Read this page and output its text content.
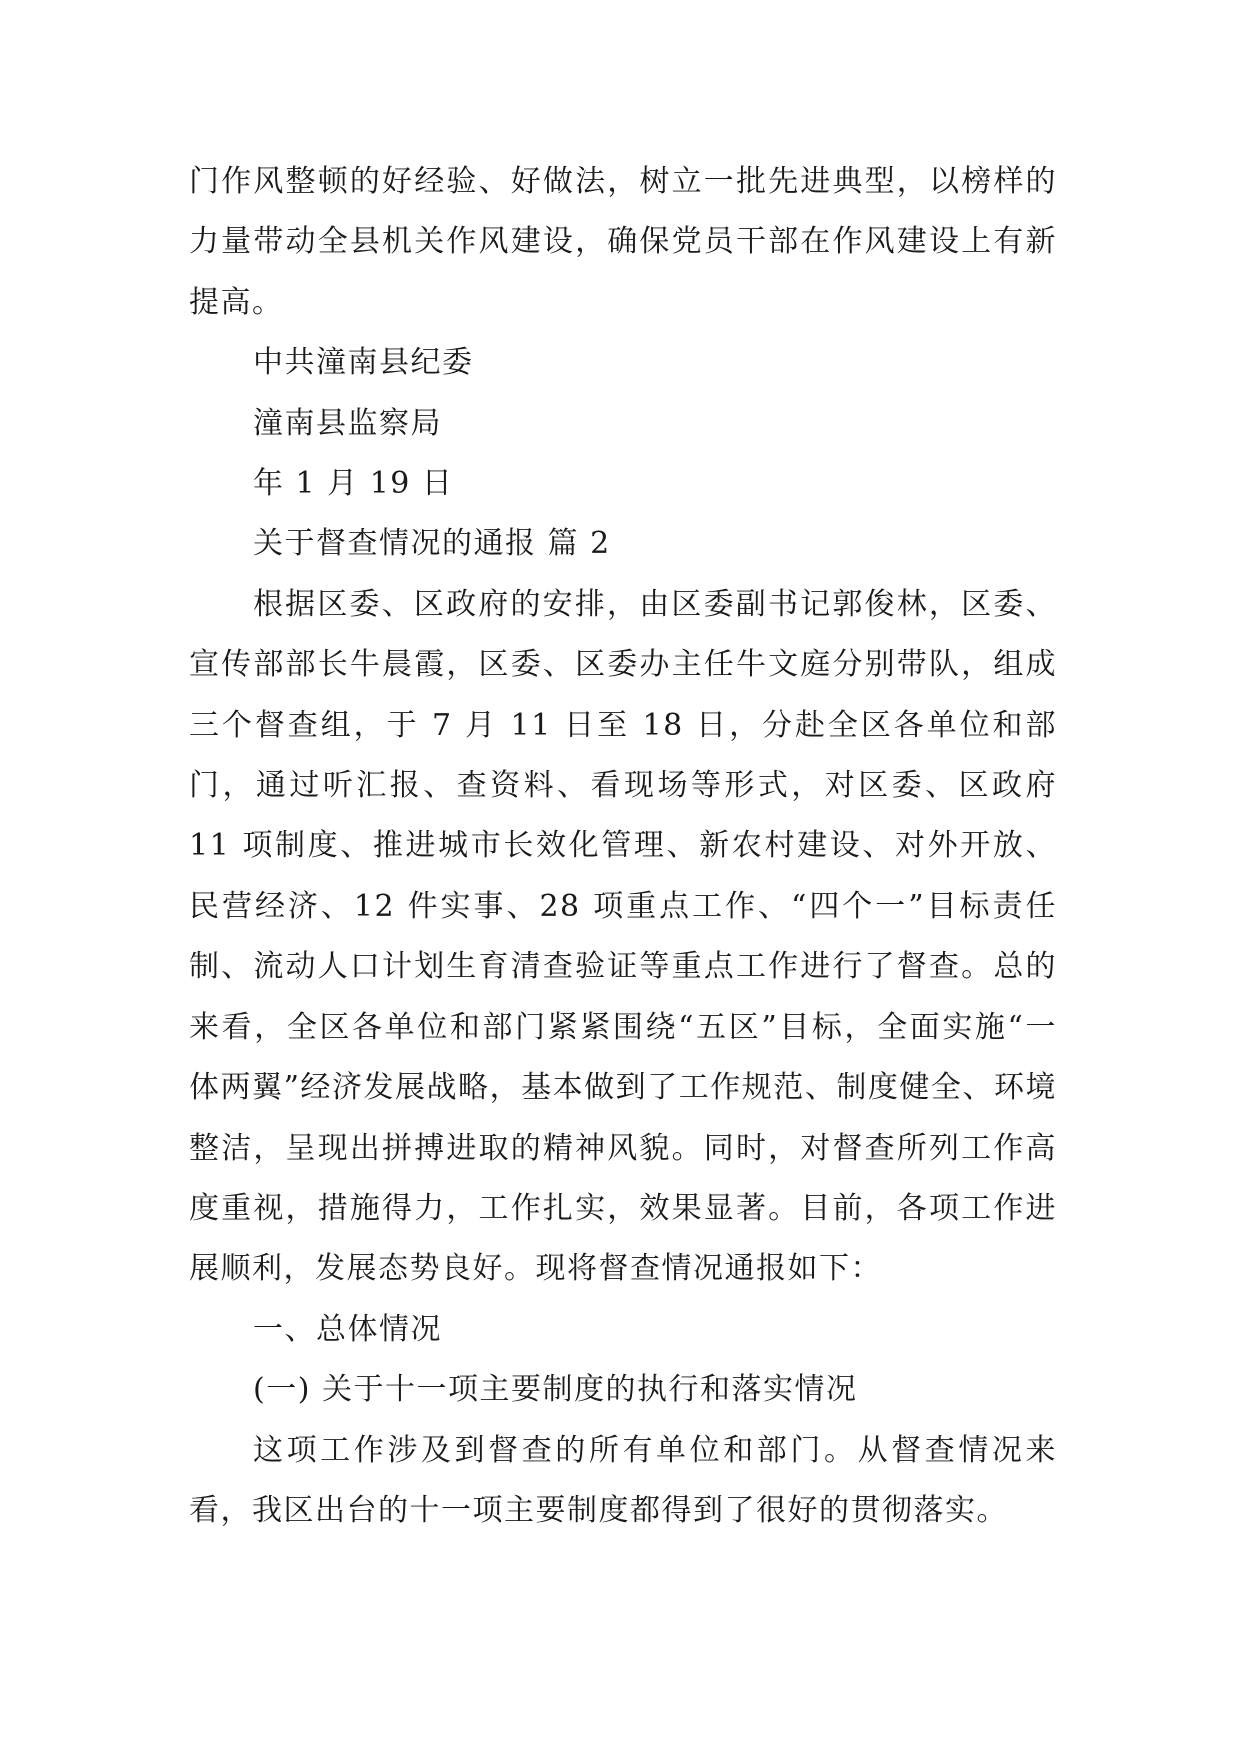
门作风整顿的好经验、好做法，树立一批先进典型，以榜样的力量带动全县机关作风建设，确保党员干部在作风建设上有新提高。

中共潼南县纪委

潼南县监察局

年 1 月 19 日

关于督查情况的通报 篇 2

根据区委、区政府的安排，由区委副书记郭俊林，区委、宣传部部长牛晨霞，区委、区委办主任牛文庭分别带队，组成三个督查组，于 7 月 11 日至 18 日，分赴全区各单位和部门，通过听汇报、查资料、看现场等形式，对区委、区政府 11 项制度、推进城市长效化管理、新农村建设、对外开放、民营经济、12 件实事、28 项重点工作、“四个一”目标责任制、流动人口计划生育清查验证等重点工作进行了督查。总的来看，全区各单位和部门紧紧围绕“五区”目标，全面实施“一体两翼”经济发展战略，基本做到了工作规范、制度健全、环境整洁，呈现出拼搏进取的精神风貌。同时，对督查所列工作高度重视，措施得力，工作扎实，效果显著。目前，各项工作进展顺利，发展态势良好。现将督查情况通报如下：

一、总体情况

(一) 关于十一项主要制度的执行和落实情况

这项工作涉及到督查的所有单位和部门。从督查情况来看，我区出台的十一项主要制度都得到了很好的贯彻落实。
